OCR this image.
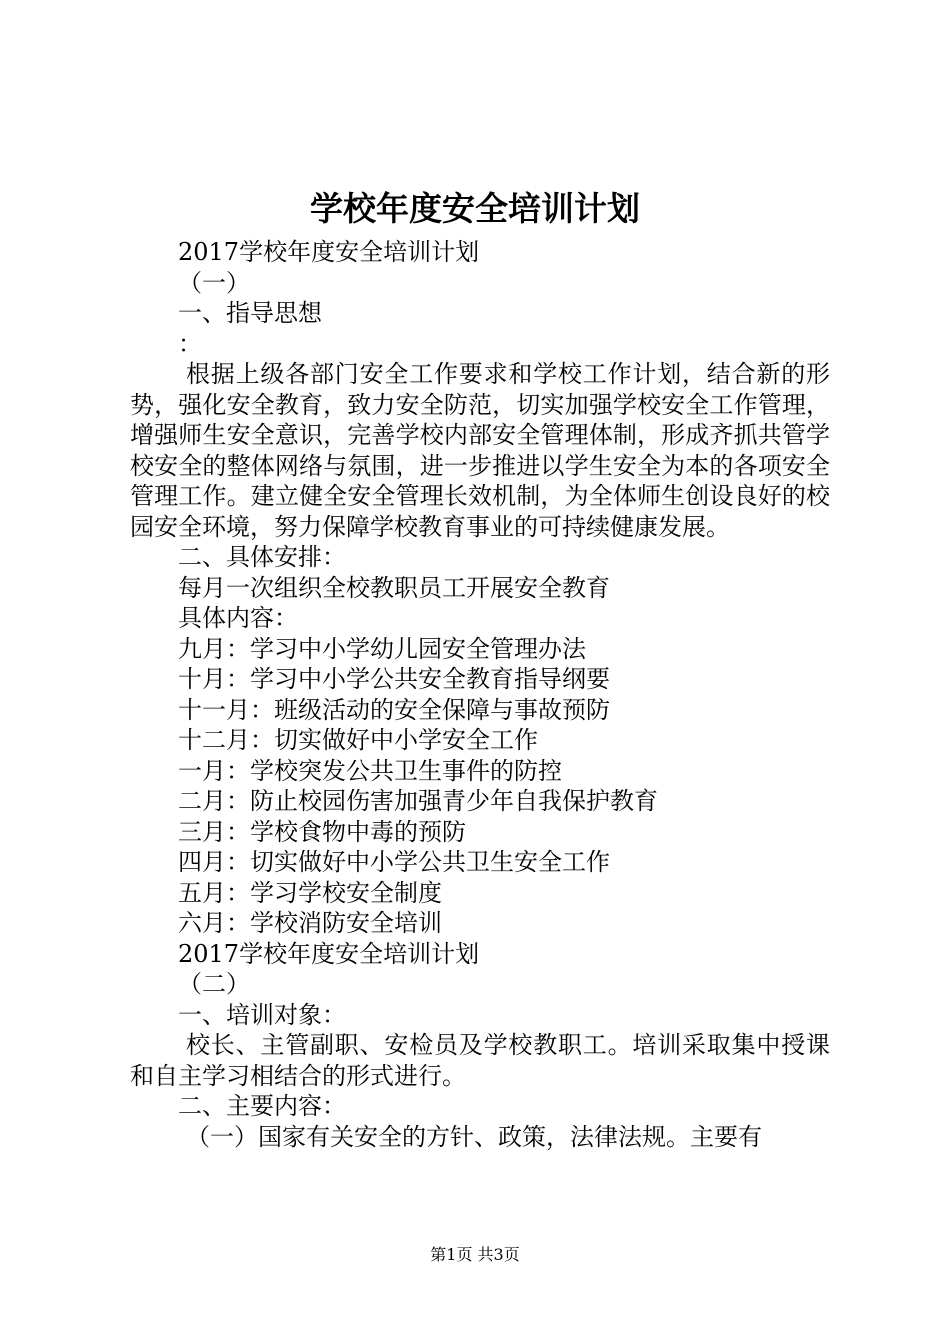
学校年度安全培训计划

2017学校年度安全培训计划

（一）

一、指导思想

：

根据上级各部门安全工作要求和学校工作计划，结合新的形势，强化安全教育，致力安全防范，切实加强学校安全工作管理，增强师生安全意识，完善学校内部安全管理体制，形成齐抓共管学校安全的整体网络与氛围，进一步推进以学生安全为本的各项安全管理工作。建立健全安全管理长效机制，为全体师生创设良好的校园安全环境，努力保障学校教育事业的可持续健康发展。

二、具体安排：

每月一次组织全校教职员工开展安全教育

具体内容：

九月：学习中小学幼儿园安全管理办法

十月：学习中小学公共安全教育指导纲要

十一月：班级活动的安全保障与事故预防

十二月：切实做好中小学安全工作

一月：学校突发公共卫生事件的防控

二月：防止校园伤害加强青少年自我保护教育

三月：学校食物中毒的预防

四月：切实做好中小学公共卫生安全工作

五月：学习学校安全制度

六月：学校消防安全培训

2017学校年度安全培训计划

（二）

一、培训对象：

校长、主管副职、安检员及学校教职工。培训采取集中授课和自主学习相结合的形式进行。

二、主要内容：

（一）国家有关安全的方针、政策，法律法规。主要有

第1页 共3页
